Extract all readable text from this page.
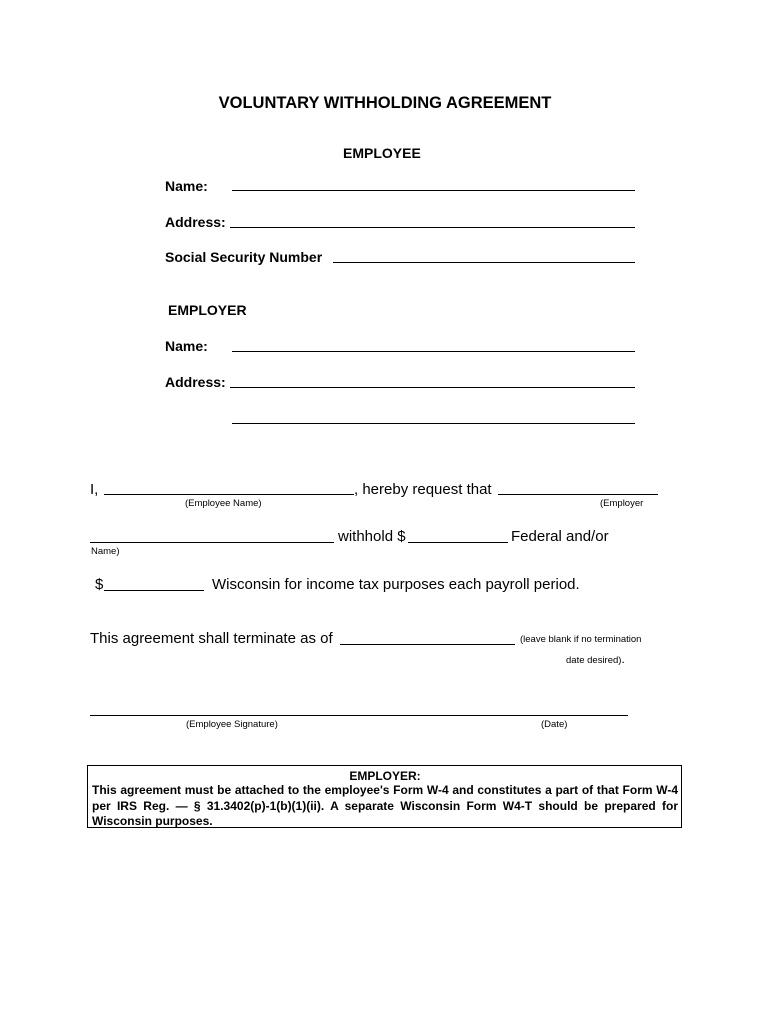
VOLUNTARY WITHHOLDING AGREEMENT
EMPLOYEE
Name:
Address:
Social Security Number
EMPLOYER
Name:
Address:
I,	, hereby request that
(Employee Name)	(Employer
withhold $	Federal and/or
Name)
$	Wisconsin for income tax purposes each payroll period.
This agreement shall terminate as of	(leave blank if no termination
date desired).
(Employee Signature)	(Date)
EMPLOYER:
This agreement must be attached to the employee's Form W-4 and constitutes a part of that Form W-4 per IRS Reg. — § 31.3402(p)-1(b)(1)(ii). A separate Wisconsin Form W4-T should be prepared for Wisconsin purposes.
